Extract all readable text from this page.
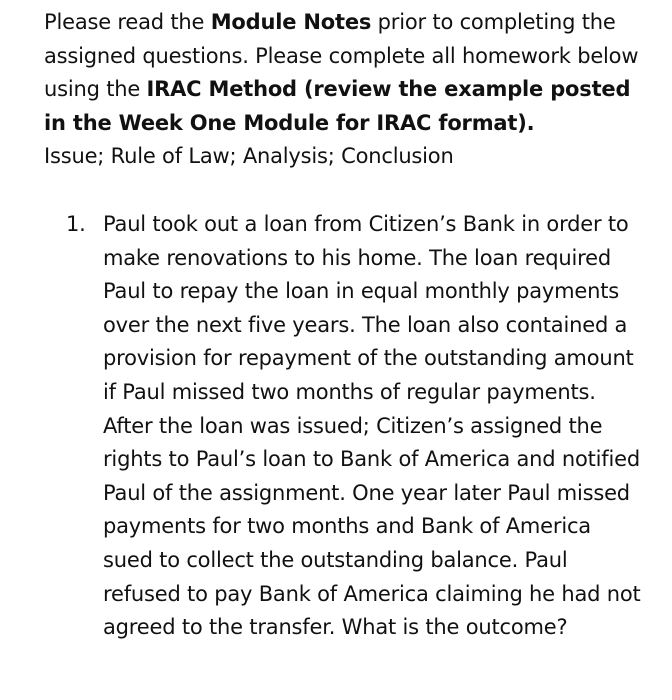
Please read the Module Notes prior to completing the assigned questions. Please complete all homework below using the IRAC Method (review the example posted in the Week One Module for IRAC format).
Issue; Rule of Law; Analysis; Conclusion

1. Paul took out a loan from Citizen’s Bank in order to make renovations to his home. The loan required Paul to repay the loan in equal monthly payments over the next five years. The loan also contained a provision for repayment of the outstanding amount if Paul missed two months of regular payments. After the loan was issued; Citizen’s assigned the rights to Paul’s loan to Bank of America and notified Paul of the assignment. One year later Paul missed payments for two months and Bank of America sued to collect the outstanding balance. Paul refused to pay Bank of America claiming he had not agreed to the transfer. What is the outcome?
